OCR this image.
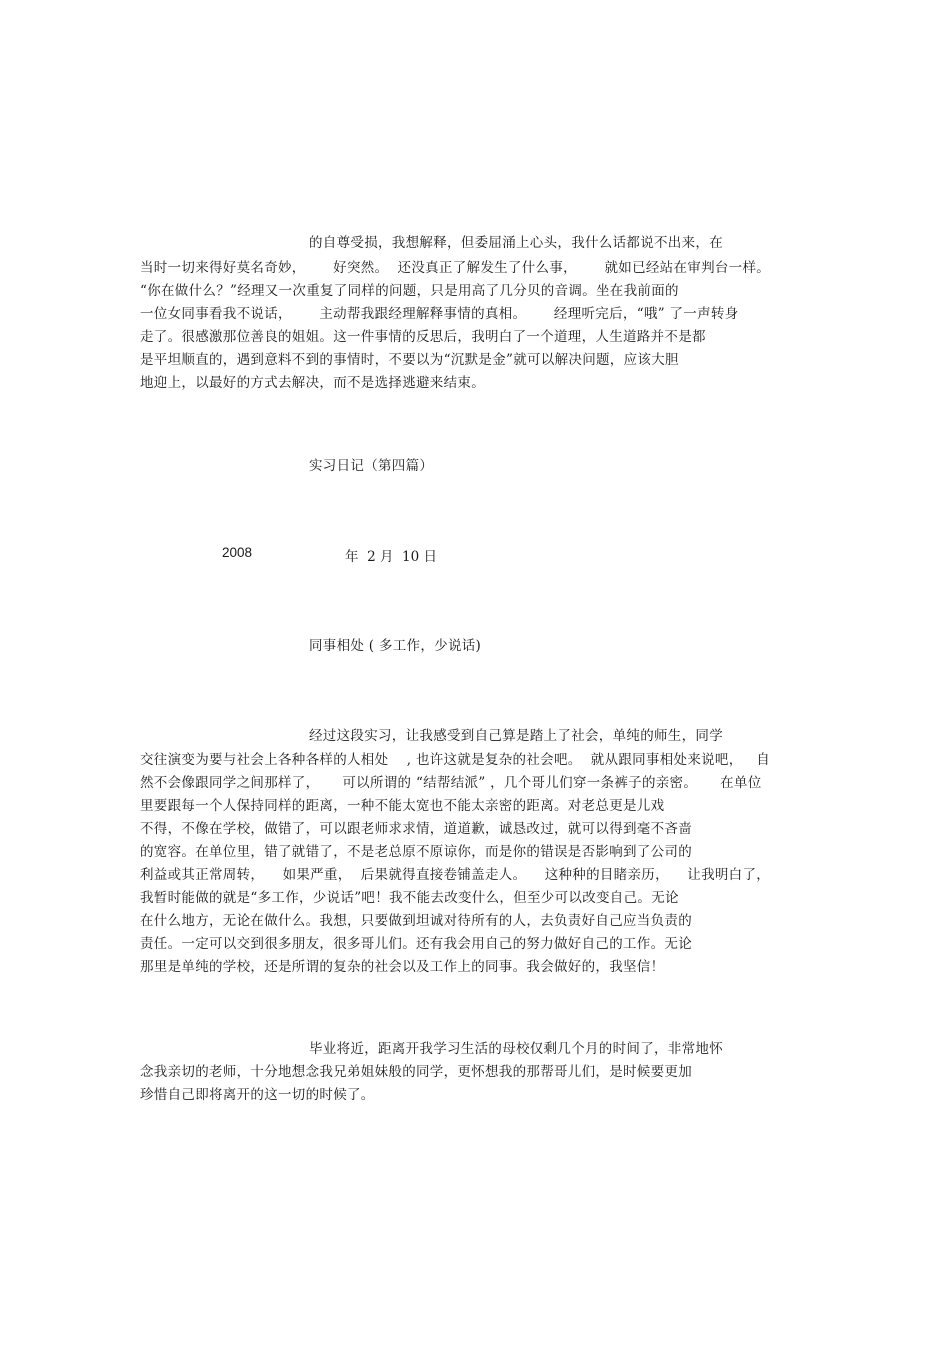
的自尊受损，我想解释，但委屈涌上心头，我什么话都说不出来，在
当时一切来得好莫名奇妙，      好突然。  还没真正了解发生了什么事，      就如已经站在审判台一样。
“你在做什么？”经理又一次重复了同样的问题，只是用高了几分贝的音调。坐在我前面的
一位女同事看我不说话，      主动帮我跟经理解释事情的真相。      经理听完后，“哦” 了一声转身
走了。很感激那位善良的姐姐。这一件事情的反思后，我明白了一个道理，人生道路并不是都
是平坦顺直的，遇到意料不到的事情时，不要以为“沉默是金”就可以解决问题，应该大胆
地迎上，以最好的方式去解决，而不是选择逃避来结束。
实习日记（第四篇）
2008	年  2 月  10 日
同事相处 ( 多工作，少说话)
经过这段实习，让我感受到自己算是踏上了社会，单纯的师生，同学
交往演变为要与社会上各种各样的人相处    , 也许这就是复杂的社会吧。  就从跟同事相处来说吧，   自
然不会像跟同学之间那样了，     可以所谓的 “结帮结派” ，几个哥儿们穿一条裤子的亲密。     在单位
里要跟每一个人保持同样的距离，一种不能太宽也不能太亲密的距离。对老总更是儿戏
不得，不像在学校，做错了，可以跟老师求求情，道道歉，诚恳改过，就可以得到毫不吝啬
的宽容。在单位里，错了就错了，不是老总原不原谅你，而是你的错误是否影响到了公司的
利益或其正常周转，    如果严重，  后果就得直接卷铺盖走人。    这种种的目睹亲历，    让我明白了，
我暂时能做的就是“多工作，少说话”吧！我不能去改变什么，但至少可以改变自己。无论
在什么地方，无论在做什么。我想，只要做到坦诚对待所有的人，去负责好自己应当负责的
责任。一定可以交到很多朋友，很多哥儿们。还有我会用自己的努力做好自己的工作。无论
那里是单纯的学校，还是所谓的复杂的社会以及工作上的同事。我会做好的，我坚信！
毕业将近，距离开我学习生活的母校仅剩几个月的时间了，非常地怀
念我亲切的老师，十分地想念我兄弟姐妹般的同学，更怀想我的那帮哥儿们，是时候要更加
珍惜自己即将离开的这一切的时候了。
